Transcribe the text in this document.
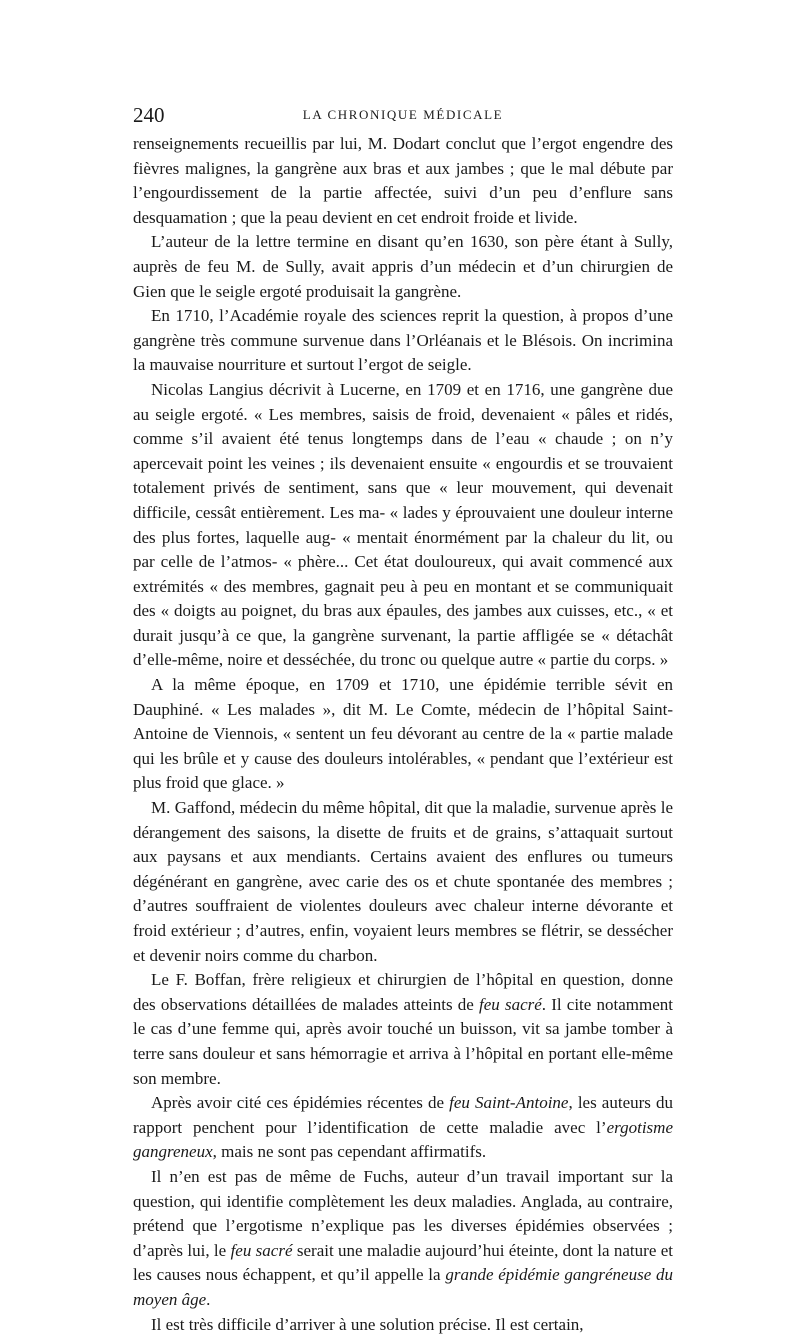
240	LA CHRONIQUE MÉDICALE

renseignements recueillis par lui, M. Dodart conclut que l’ergot engendre des fièvres malignes, la gangrène aux bras et aux jambes ; que le mal débute par l’engourdissement de la partie affectée, suivi d’un peu d’enflure sans desquamation ; que la peau devient en cet endroit froide et livide.

L’auteur de la lettre termine en disant qu’en 1630, son père étant à Sully, auprès de feu M. de Sully, avait appris d’un médecin et d’un chirurgien de Gien que le seigle ergoté produisait la gangrène.

En 1710, l’Académie royale des sciences reprit la question, à propos d’une gangrène très commune survenue dans l’Orléanais et le Blésois. On incrimina la mauvaise nourriture et surtout l’ergot de seigle.

Nicolas Langius décrivit à Lucerne, en 1709 et en 1716, une gangrène due au seigle ergoté. « Les membres, saisis de froid, devenaient « pâles et ridés, comme s’il avaient été tenus longtemps dans de l’eau « chaude ; on n’y apercevait point les veines ; ils devenaient ensuite « engourdis et se trouvaient totalement privés de sentiment, sans que « leur mouvement, qui devenait difficile, cessât entièrement. Les ma- « lades y éprouvaient une douleur interne des plus fortes, laquelle aug- « mentait énormément par la chaleur du lit, ou par celle de l’atmos- « phère... Cet état douloureux, qui avait commencé aux extrémités « des membres, gagnait peu à peu en montant et se communiquait des « doigts au poignet, du bras aux épaules, des jambes aux cuisses, etc., « et durait jusqu’à ce que, la gangrène survenant, la partie affligée se « détachât d’elle-même, noire et desséchée, du tronc ou quelque autre « partie du corps. »

A la même époque, en 1709 et 1710, une épidémie terrible sévit en Dauphiné. « Les malades », dit M. Le Comte, médecin de l’hôpital Saint-Antoine de Viennois, « sentent un feu dévorant au centre de la « partie malade qui les brûle et y cause des douleurs intolérables, « pendant que l’extérieur est plus froid que glace. »

M. Gaffond, médecin du même hôpital, dit que la maladie, survenue après le dérangement des saisons, la disette de fruits et de grains, s’attaquait surtout aux paysans et aux mendiants. Certains avaient des enflures ou tumeurs dégénérant en gangrène, avec carie des os et chute spontanée des membres ; d’autres souffraient de violentes douleurs avec chaleur interne dévorante et froid extérieur ; d’autres, enfin, voyaient leurs membres se flétrir, se dessécher et devenir noirs comme du charbon.

Le F. Boffan, frère religieux et chirurgien de l’hôpital en question, donne des observations détaillées de malades atteints de feu sacré. Il cite notamment le cas d’une femme qui, après avoir touché un buisson, vit sa jambe tomber à terre sans douleur et sans hémorragie et arriva à l’hôpital en portant elle-même son membre.

Après avoir cité ces épidémies récentes de feu Saint-Antoine, les auteurs du rapport penchent pour l’identification de cette maladie avec l’ergotisme gangreneux, mais ne sont pas cependant affirmatifs.

Il n’en est pas de même de Fuchs, auteur d’un travail important sur la question, qui identifie complètement les deux maladies. Anglada, au contraire, prétend que l’ergotisme n’explique pas les diverses épidémies observées ; d’après lui, le feu sacré serait une maladie aujourd’hui éteinte, dont la nature et les causes nous échappent, et qu’il appelle la grande épidémie gangréneuse du moyen âge.

Il est très difficile d’arriver à une solution précise. Il est certain,
